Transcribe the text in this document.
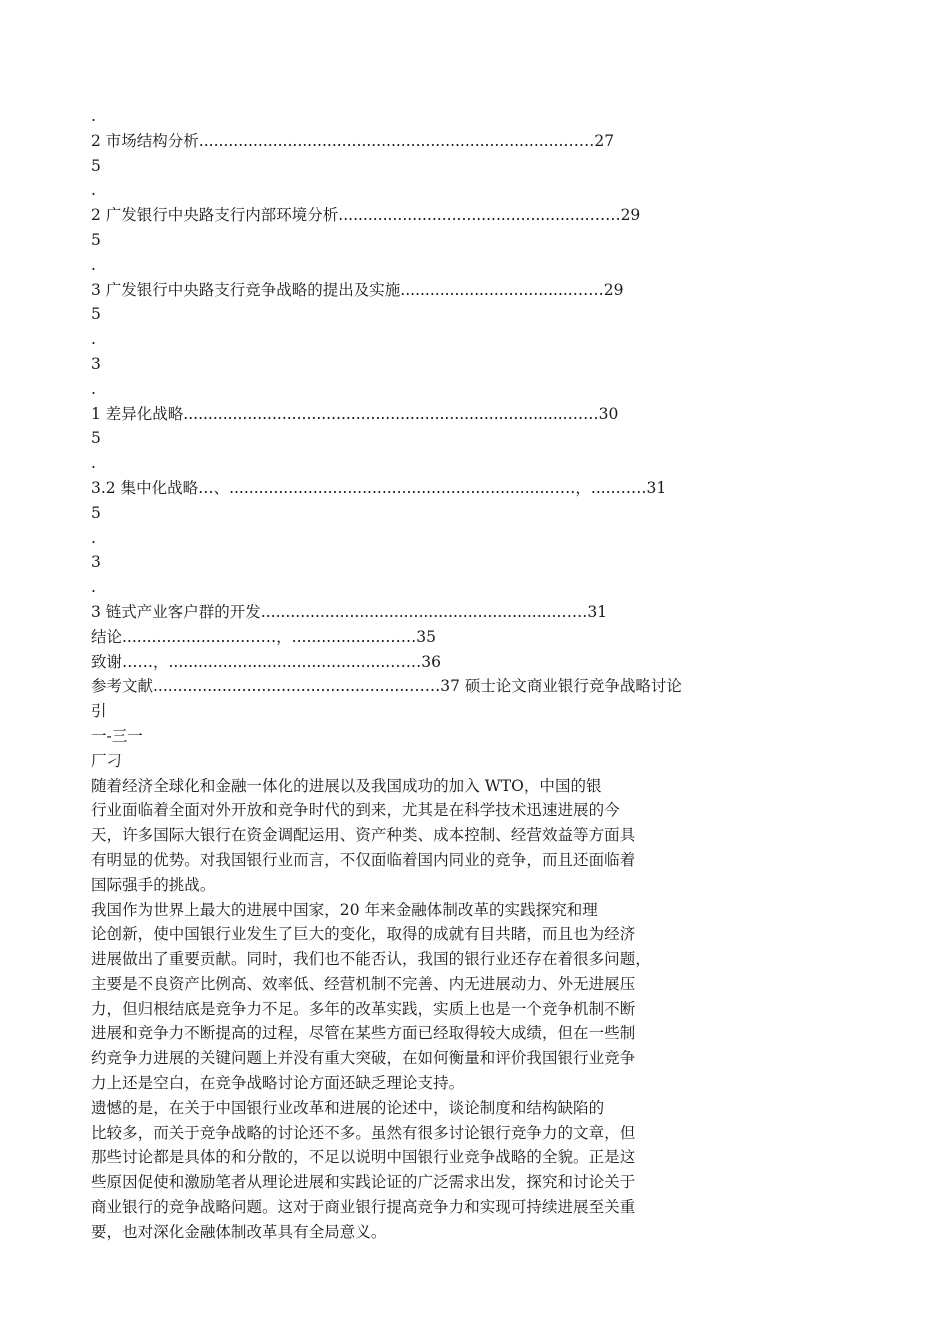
.
2 市场结构分析..........................................................................……27
5
.
2 广发银行中央路支行内部环境分析...................................................……29
5
.
3 广发银行中央路支行竞争战略的提出及实施...................................……29
5
.
3
.
1 差异化战略..............................................................................……30
5
.
3.2 集中化战略…、................................................................……，.....……31
5
.
3
.
3 链式产业客户群的开发............................................................……31
结论.........................……，...................……35
致谢……，.............................................……36
参考文献....................................................……37 硕士论文商业银行竞争战略讨论
引
一-三一
厂刁
随着经济全球化和金融一体化的进展以及我国成功的加入 WTO，中国的银
行业面临着全面对外开放和竞争时代的到来，尤其是在科学技术迅速进展的今
天，许多国际大银行在资金调配运用、资产种类、成本控制、经营效益等方面具
有明显的优势。对我国银行业而言，不仅面临着国内同业的竞争，而且还面临着
国际强手的挑战。
我国作为世界上最大的进展中国家，20 年来金融体制改革的实践探究和理
论创新，使中国银行业发生了巨大的变化，取得的成就有目共睹，而且也为经济
进展做出了重要贡献。同时，我们也不能否认，我国的银行业还存在着很多问题，
主要是不良资产比例高、效率低、经营机制不完善、内无进展动力、外无进展压
力，但归根结底是竞争力不足。多年的改革实践，实质上也是一个竞争机制不断
进展和竞争力不断提高的过程，尽管在某些方面已经取得较大成绩，但在一些制
约竞争力进展的关键问题上并没有重大突破，在如何衡量和评价我国银行业竞争
力上还是空白，在竞争战略讨论方面还缺乏理论支持。
遗憾的是，在关于中国银行业改革和进展的论述中，谈论制度和结构缺陷的
比较多，而关于竞争战略的讨论还不多。虽然有很多讨论银行竞争力的文章，但
那些讨论都是具体的和分散的，不足以说明中国银行业竞争战略的全貌。正是这
些原因促使和激励笔者从理论进展和实践论证的广泛需求出发，探究和讨论关于
商业银行的竞争战略问题。这对于商业银行提高竞争力和实现可持续进展至关重
要，也对深化金融体制改革具有全局意义。
